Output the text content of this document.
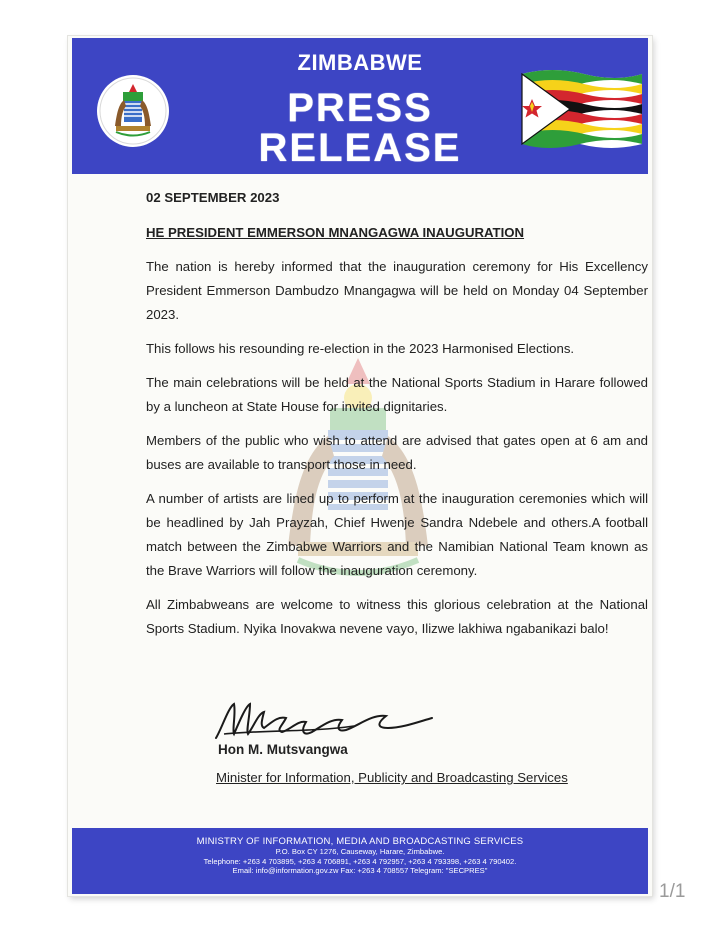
ZIMBABWE
PRESS
RELEASE
02 SEPTEMBER 2023
HE PRESIDENT EMMERSON MNANGAGWA INAUGURATION

The nation is hereby informed that the inauguration ceremony for His Excellency President Emmerson Dambudzo Mnangagwa will be held on Monday 04 September 2023.

This follows his resounding re-election in the 2023 Harmonised Elections.

The main celebrations will be held at the National Sports Stadium in Harare followed by a luncheon at State House for invited dignitaries.

Members of the public who wish to attend are advised that gates open at 6 am and buses are available to transport those in need.

A number of artists are lined up to perform at the inauguration ceremonies which will be headlined by Jah Prayzah, Chief Hwenje Sandra Ndebele and others.A football match between the Zimbabwe Warriors and the Namibian National Team known as the Brave Warriors will follow the inauguration ceremony.

All Zimbabweans are welcome to witness this glorious celebration at the National Sports Stadium. Nyika Inovakwa nevene vayo, Ilizwe lakhiwa ngabanikazi balo!

Hon M. Mutsvangwa
Minister for Information, Publicity and Broadcasting Services
MINISTRY OF INFORMATION, MEDIA AND BROADCASTING SERVICES
P.O. Box CY 1276, Causeway, Harare, Zimbabwe.
Telephone: +263 4 703895, +263 4 706891, +263 4 792957, +263 4 793398, +263 4 790402.
Email: info@information.gov.zw Fax: +263 4 708557 Telegram: "SECPRES"
1/1
